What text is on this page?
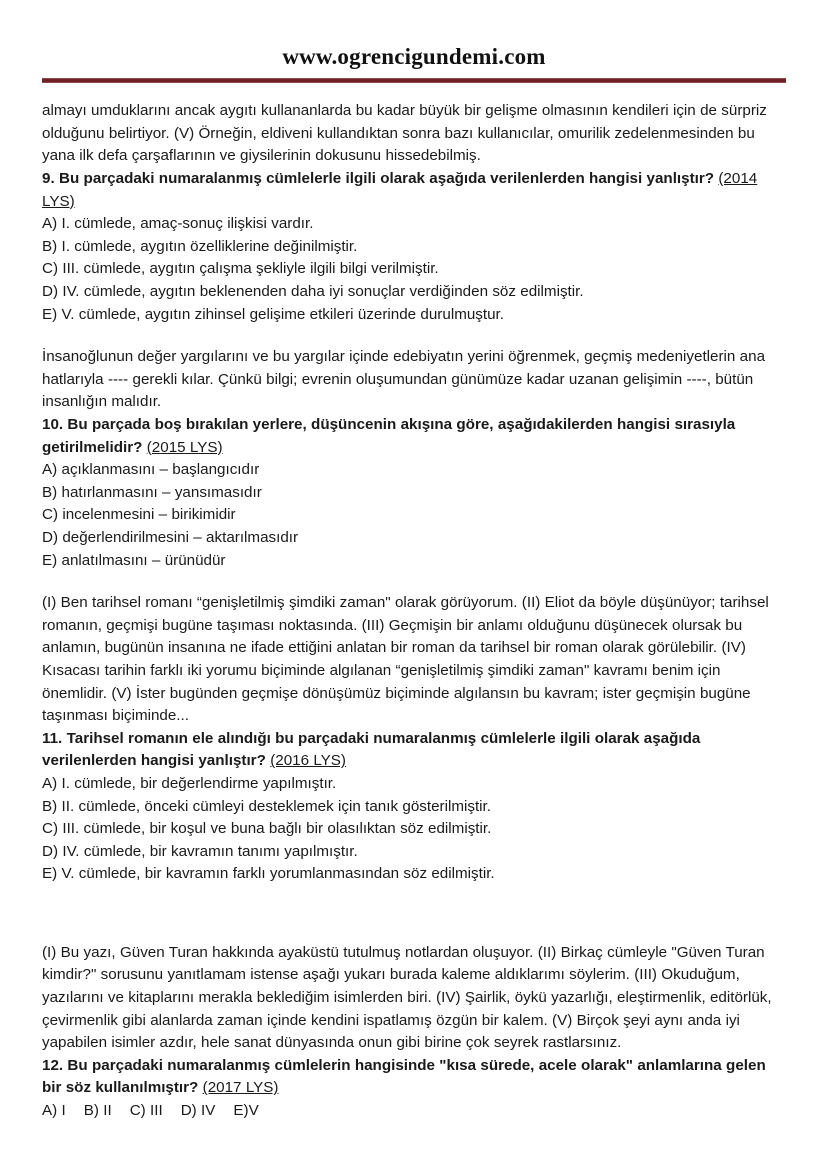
www.ogrencigundemi.com

almayı umduklarını ancak aygıtı kullananlarda bu kadar büyük bir gelişme olmasının kendileri için de sürpriz olduğunu belirtiyor. (V) Örneğin, eldiveni kullandıktan sonra bazı kullanıcılar, omurilik zedelenmesinden bu yana ilk defa çarşaflarının ve giysilerinin dokusunu hissedebilmiş.

9. Bu parçadaki numaralanmış cümlelerle ilgili olarak aşağıda verilenlerden hangisi yanlıştır? (2014 LYS)

A) I. cümlede, amaç-sonuç ilişkisi vardır.

B) I. cümlede, aygıtın özelliklerine değinilmiştir.

C) III. cümlede, aygıtın çalışma şekliyle ilgili bilgi verilmiştir.

D) IV. cümlede, aygıtın beklenenden daha iyi sonuçlar verdiğinden söz edilmiştir.

E) V. cümlede, aygıtın zihinsel gelişime etkileri üzerinde durulmuştur.

İnsanoğlunun değer yargılarını ve bu yargılar içinde edebiyatın yerini öğrenmek, geçmiş medeniyetlerin ana hatlarıyla ---- gerekli kılar. Çünkü bilgi; evrenin oluşumundan günümüze kadar uzanan gelişimin ----, bütün insanlığın malıdır.

10. Bu parçada boş bırakılan yerlere, düşüncenin akışına göre, aşağıdakilerden hangisi sırasıyla getirilmelidir? (2015 LYS)

A) açıklanmasını – başlangıcıdır

B) hatırlanmasını – yansımasıdır

C) incelenmesini – birikimidir

D) değerlendirilmesini – aktarılmasıdır

E) anlatılmasını – ürünüdür

(I) Ben tarihsel romanı “genişletilmiş şimdiki zaman" olarak görüyorum. (II) Eliot da böyle düşünüyor; tarihsel romanın, geçmişi bugüne taşıması noktasında. (III) Geçmişin bir anlamı olduğunu düşünecek olursak bu anlamın, bugünün insanına ne ifade ettiğini anlatan bir roman da tarihsel bir roman olarak görülebilir. (IV) Kısacası tarihin farklı iki yorumu biçiminde algılanan “genişletilmiş şimdiki zaman" kavramı benim için önemlidir. (V) İster bugünden geçmişe dönüşümüz biçiminde algılansın bu kavram; ister geçmişin bugüne taşınması biçiminde...

11. Tarihsel romanın ele alındığı bu parçadaki numaralanmış cümlelerle ilgili olarak aşağıda verilenlerden hangisi yanlıştır? (2016 LYS)

A) I. cümlede, bir değerlendirme yapılmıştır.

B) II. cümlede, önceki cümleyi desteklemek için tanık gösterilmiştir.

C) III. cümlede, bir koşul ve buna bağlı bir olasılıktan söz edilmiştir.

D) IV. cümlede, bir kavramın tanımı yapılmıştır.

E) V. cümlede, bir kavramın farklı yorumlanmasından söz edilmiştir.

(I) Bu yazı, Güven Turan hakkında ayaküstü tutulmuş notlardan oluşuyor. (II) Birkaç cümleyle "Güven Turan kimdir?" sorusunu yanıtlamam istense aşağı yukarı burada kaleme aldıklarımı söylerim. (III) Okuduğum, yazılarını ve kitaplarını merakla beklediğim isimlerden biri. (IV) Şairlik, öykü yazarlığı, eleştirmenlik, editörlük, çevirmenlik gibi alanlarda zaman içinde kendini ispatlamış özgün bir kalem. (V) Birçok şeyi aynı anda iyi yapabilen isimler azdır, hele sanat dünyasında onun gibi birine çok seyrek rastlarsınız.

12. Bu parçadaki numaralanmış cümlelerin hangisinde "kısa sürede, acele olarak" anlamlarına gelen bir söz kullanılmıştır? (2017 LYS)

A) I B) II C) III D) IV E)V
